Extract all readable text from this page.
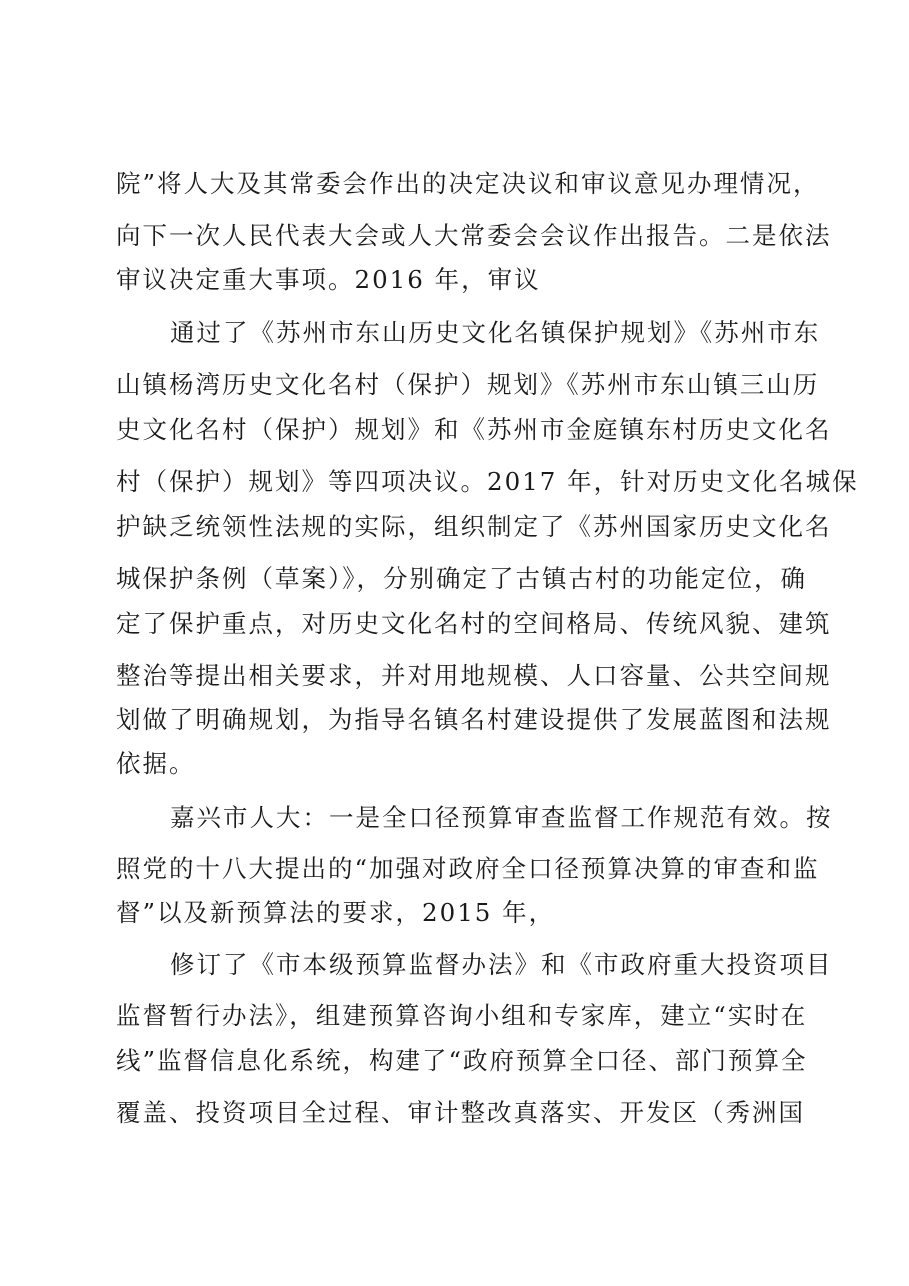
院”将人大及其常委会作出的决定决议和审议意见办理情况，
向下一次人民代表大会或人大常委会会议作出报告。二是依法
审议决定重大事项。2016 年，审议
通过了《苏州市东山历史文化名镇保护规划》《苏州市东
山镇杨湾历史文化名村（保护）规划》《苏州市东山镇三山历
史文化名村（保护）规划》和《苏州市金庭镇东村历史文化名
村（保护）规划》等四项决议。2017 年，针对历史文化名城保
护缺乏统领性法规的实际，组织制定了《苏州国家历史文化名
城保护条例（草案）》，分别确定了古镇古村的功能定位，确
定了保护重点，对历史文化名村的空间格局、传统风貌、建筑
整治等提出相关要求，并对用地规模、人口容量、公共空间规
划做了明确规划，为指导名镇名村建设提供了发展蓝图和法规
依据。
嘉兴市人大：一是全口径预算审查监督工作规范有效。按
照党的十八大提出的“加强对政府全口径预算决算的审查和监
督”以及新预算法的要求，2015 年，
修订了《市本级预算监督办法》和《市政府重大投资项目
监督暂行办法》，组建预算咨询小组和专家库，建立“实时在
线”监督信息化系统，构建了“政府预算全口径、部门预算全
覆盖、投资项目全过程、审计整改真落实、开发区（秀洲国
